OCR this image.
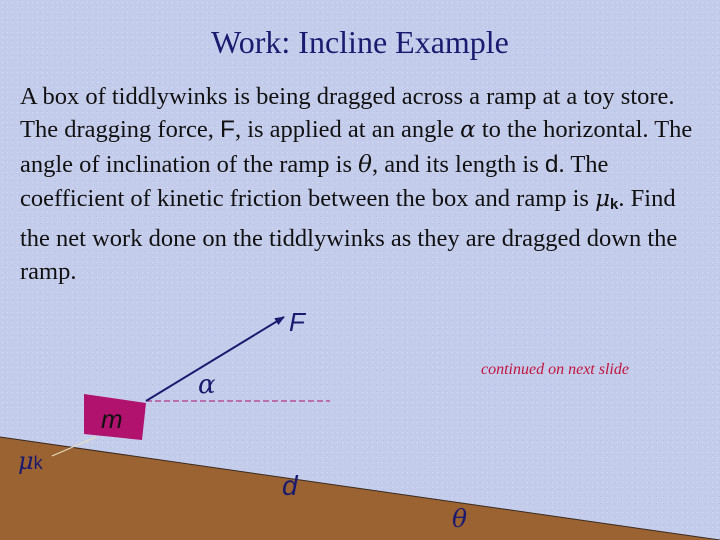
Work: Incline Example
A box of tiddlywinks is being dragged across a ramp at a toy store. The dragging force, F, is applied at an angle α to the horizontal. The angle of inclination of the ramp is θ, and its length is d. The coefficient of kinetic friction between the box and ramp is $\mu_k$. Find the net work done on the tiddlywinks as they are dragged down the ramp.
F
α
m
μk
d
θ
continued on next slide
